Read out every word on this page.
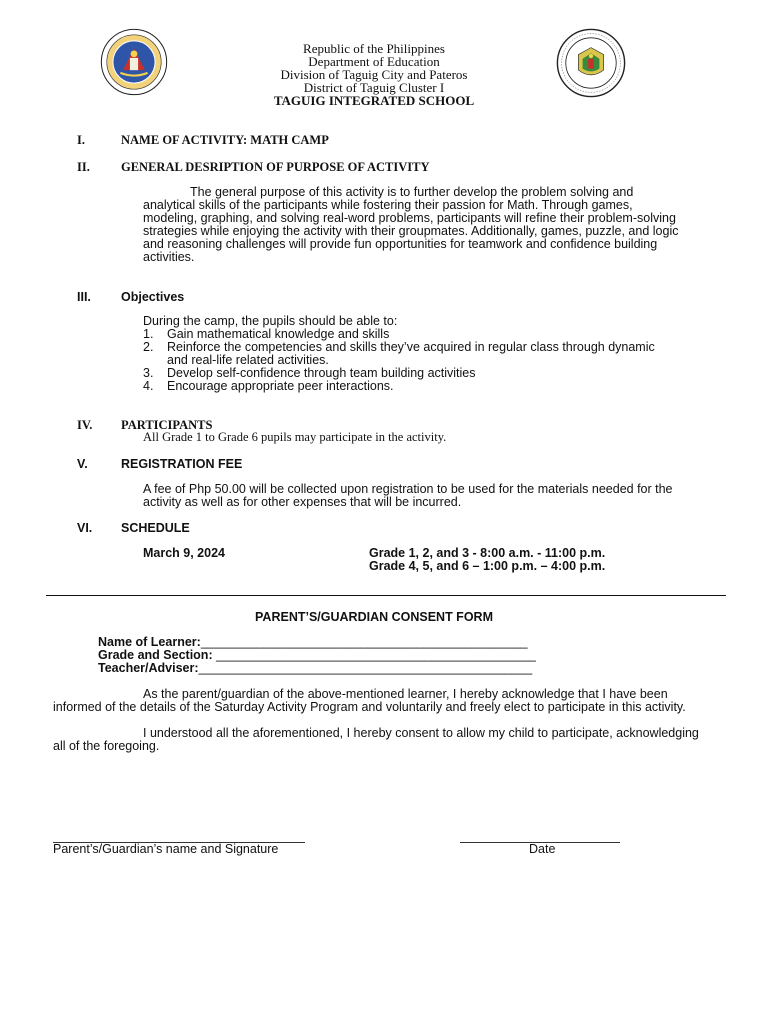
Republic of the Philippines
Department of Education
Division of Taguig City and Pateros
District of Taguig Cluster I
TAGUIG INTEGRATED SCHOOL
I.	NAME OF ACTIVITY: MATH CAMP
II. GENERAL DESRIPTION OF PURPOSE OF ACTIVITY
The general purpose of this activity is to further develop the problem solving and analytical skills of the participants while fostering their passion for Math. Through games, modeling, graphing, and solving real-word problems, participants will refine their problem-solving strategies while enjoying the activity with their groupmates. Additionally, games, puzzle, and logic and reasoning challenges will provide fun opportunities for teamwork and confidence building activities.
III. Objectives
During the camp, the pupils should be able to:
1. Gain mathematical knowledge and skills
2. Reinforce the competencies and skills they’ve acquired in regular class through dynamic and real-life related activities.
3. Develop self-confidence through team building activities
4. Encourage appropriate peer interactions.
IV. PARTICIPANTS
All Grade 1 to Grade 6 pupils may participate in the activity.
V.	REGISTRATION FEE
A fee of Php 50.00 will be collected upon registration to be used for the materials needed for the activity as well as for other expenses that will be incurred.
VI. SCHEDULE
March 9, 2024	Grade 1, 2, and 3 - 8:00 a.m. - 11:00 p.m.
Grade 4, 5, and 6 – 1:00 p.m. – 4:00 p.m.
PARENT’S/GUARDIAN CONSENT FORM
Name of Learner:_______________________________________________
Grade and Section: ______________________________________________
Teacher/Adviser:________________________________________________
As the parent/guardian of the above-mentioned learner, I hereby acknowledge that I have been informed of the details of the Saturday Activity Program and voluntarily and freely elect to participate in this activity.
I understood all the aforementioned, I hereby consent to allow my child to participate, acknowledging all of the foregoing.
Parent’s/Guardian’s name and Signature	Date
